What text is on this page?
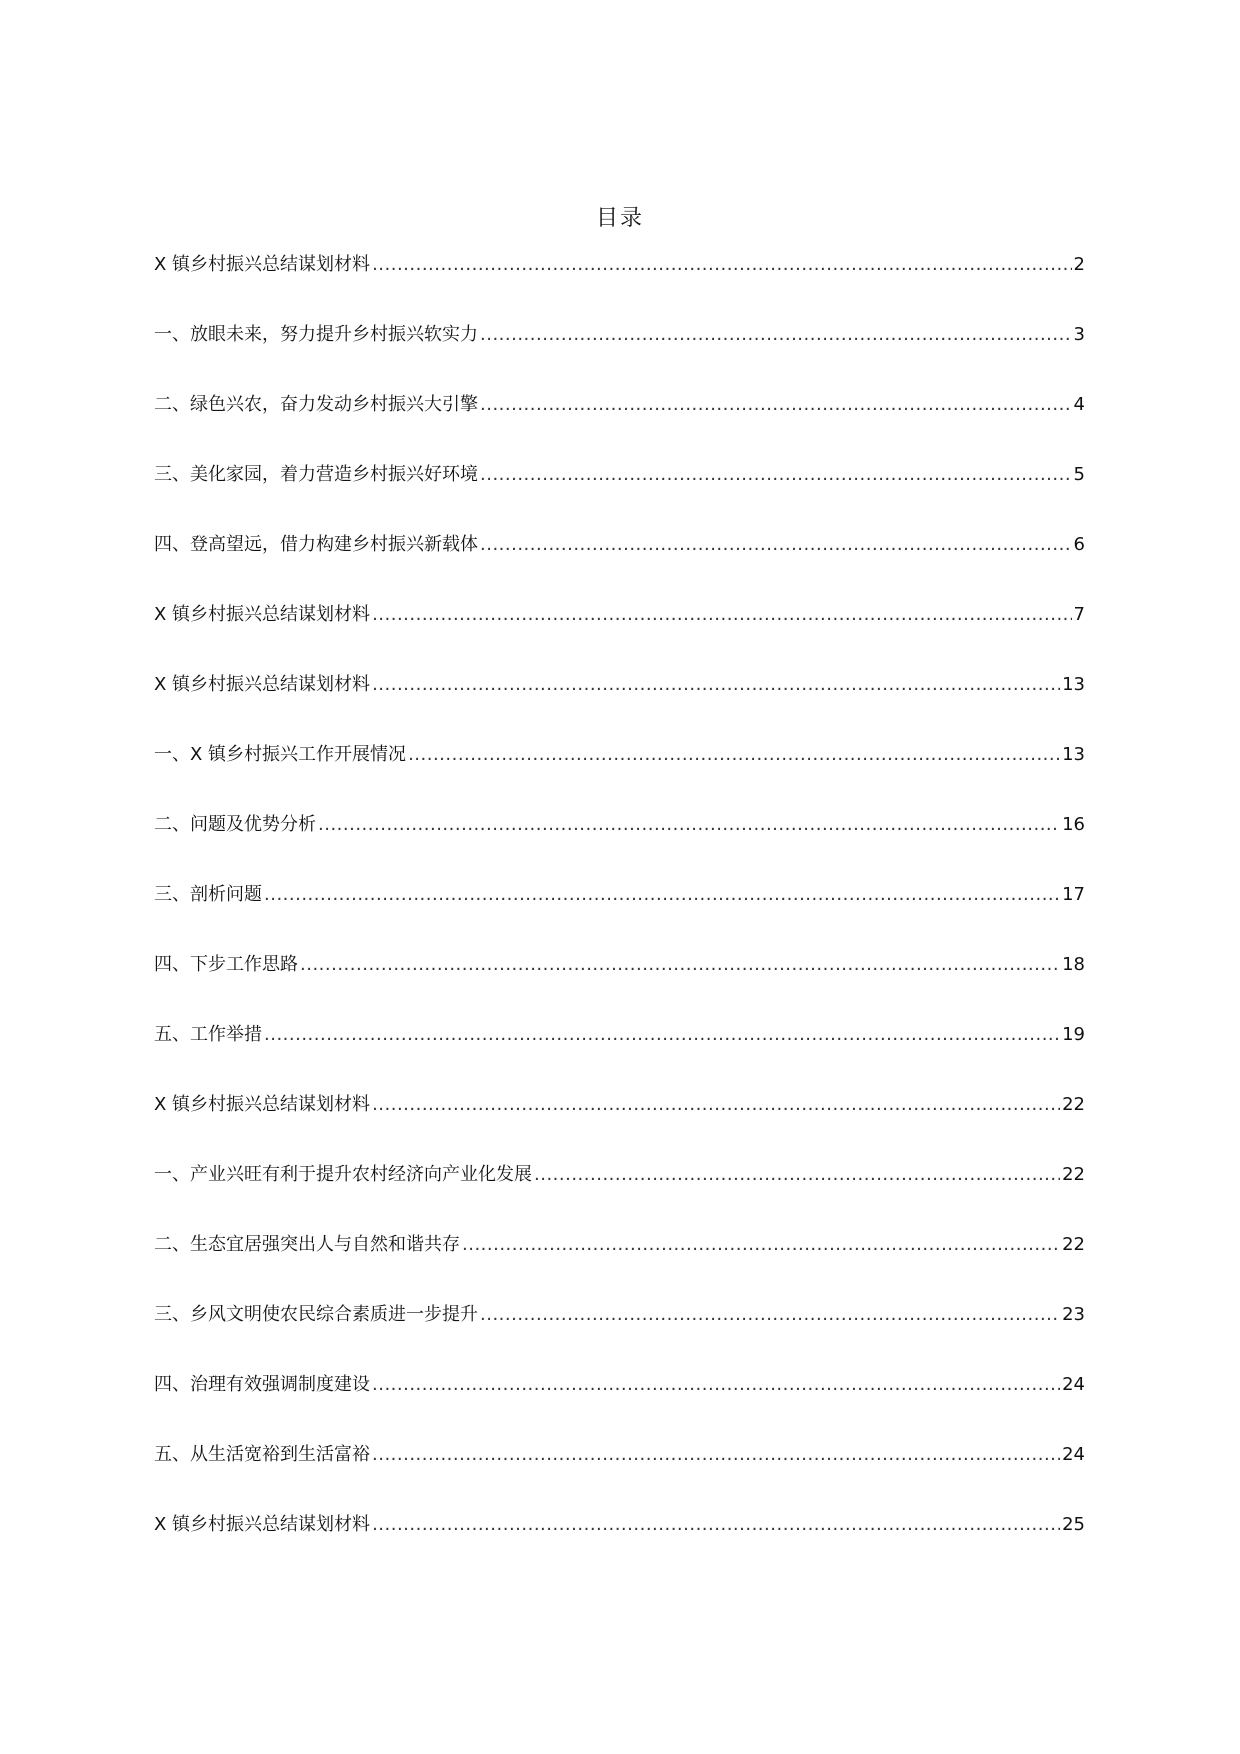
目录
X 镇乡村振兴总结谋划材料 .....	2
一、放眼未来，努力提升乡村振兴软实力 .....	3
二、绿色兴农，奋力发动乡村振兴大引擎 .....	4
三、美化家园，着力营造乡村振兴好环境 .....	5
四、登高望远，借力构建乡村振兴新载体 .....	6
X 镇乡村振兴总结谋划材料 .....	7
X 镇乡村振兴总结谋划材料 .....	13
一、X 镇乡村振兴工作开展情况 .....	13
二、问题及优势分析 .....	16
三、剖析问题 .....	17
四、下步工作思路 .....	18
五、工作举措 .....	19
X 镇乡村振兴总结谋划材料 .....	22
一、产业兴旺有利于提升农村经济向产业化发展 .....	22
二、生态宜居强突出人与自然和谐共存 .....	22
三、乡风文明使农民综合素质进一步提升 .....	23
四、治理有效强调制度建设 .....	24
五、从生活宽裕到生活富裕 .....	24
X 镇乡村振兴总结谋划材料 .....	25
